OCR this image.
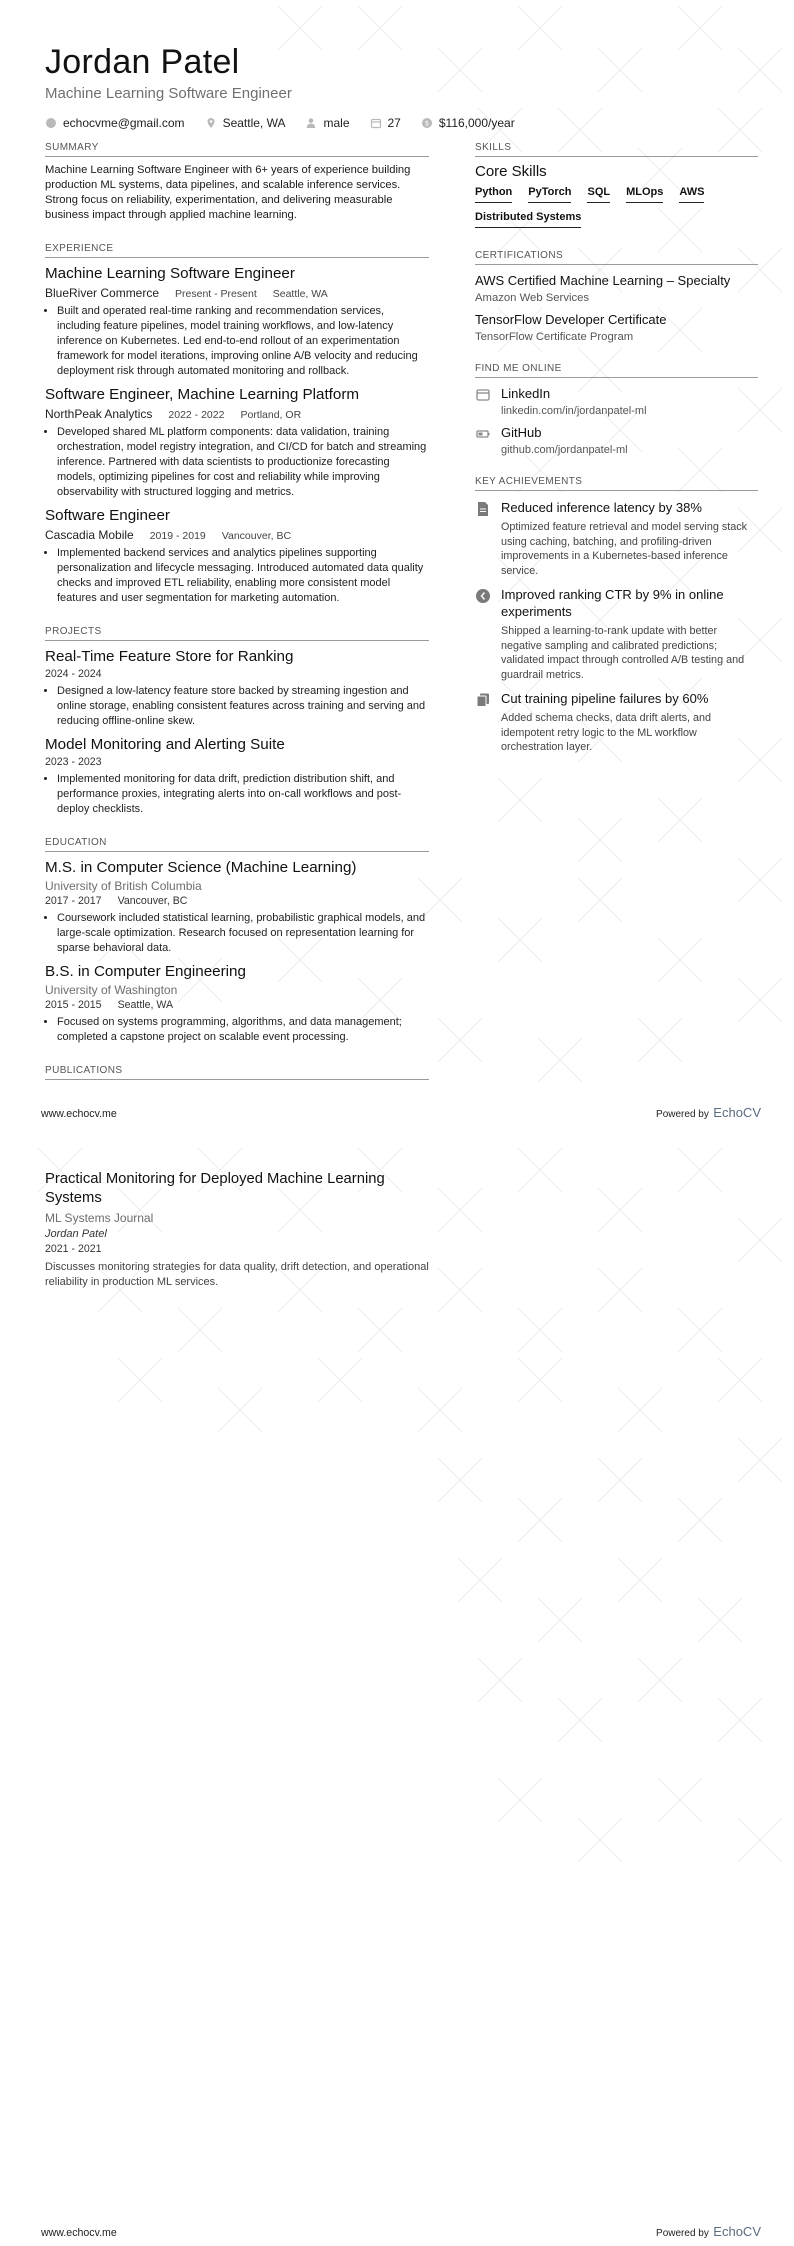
Jordan Patel
Machine Learning Software Engineer
echocvme@gmail.com	Seattle, WA	male	27	$ $116,000/year
SUMMARY
Machine Learning Software Engineer with 6+ years of experience building production ML systems, data pipelines, and scalable inference services. Strong focus on reliability, experimentation, and delivering measurable business impact through applied machine learning.
EXPERIENCE
Machine Learning Software Engineer
BlueRiver Commerce Present - Present Seattle, WA
• Built and operated real-time ranking and recommendation services, including feature pipelines, model training workflows, and low-latency inference on Kubernetes. Led end-to-end rollout of an experimentation framework for model iterations, improving online A/B velocity and reducing deployment risk through automated monitoring and rollback.
Software Engineer, Machine Learning Platform
NorthPeak Analytics 2022 - 2022 Portland, OR
• Developed shared ML platform components: data validation, training orchestration, model registry integration, and CI/CD for batch and streaming inference. Partnered with data scientists to productionize forecasting models, optimizing pipelines for cost and reliability while improving observability with structured logging and metrics.
Software Engineer
Cascadia Mobile 2019 - 2019 Vancouver, BC
• Implemented backend services and analytics pipelines supporting personalization and lifecycle messaging. Introduced automated data quality checks and improved ETL reliability, enabling more consistent model features and user segmentation for marketing automation.
PROJECTS
Real-Time Feature Store for Ranking
2024 - 2024
• Designed a low-latency feature store backed by streaming ingestion and online storage, enabling consistent features across training and serving and reducing offline-online skew.
Model Monitoring and Alerting Suite
2023 - 2023
• Implemented monitoring for data drift, prediction distribution shift, and performance proxies, integrating alerts into on-call workflows and post-deploy checklists.
EDUCATION
M.S. in Computer Science (Machine Learning)
University of British Columbia
2017 - 2017 Vancouver, BC
• Coursework included statistical learning, probabilistic graphical models, and large-scale optimization. Research focused on representation learning for sparse behavioral data.
B.S. in Computer Engineering
University of Washington
2015 - 2015 Seattle, WA
• Focused on systems programming, algorithms, and data management; completed a capstone project on scalable event processing.
PUBLICATIONS
SKILLS
Core Skills
Python PyTorch SQL MLOps AWS
Distributed Systems
CERTIFICATIONS
AWS Certified Machine Learning – Specialty
Amazon Web Services
TensorFlow Developer Certificate
TensorFlow Certificate Program
FIND ME ONLINE
LinkedIn
linkedin.com/in/jordanpatel-ml
GitHub
github.com/jordanpatel-ml
KEY ACHIEVEMENTS
Reduced inference latency by 38%
Optimized feature retrieval and model serving stack using caching, batching, and profiling-driven improvements in a Kubernetes-based inference service.
Improved ranking CTR by 9% in online experiments
Shipped a learning-to-rank update with better negative sampling and calibrated predictions; validated impact through controlled A/B testing and guardrail metrics.
Cut training pipeline failures by 60%
Added schema checks, data drift alerts, and idempotent retry logic to the ML workflow orchestration layer.
www.echocv.me	Powered by EchoCV
Practical Monitoring for Deployed Machine Learning Systems
ML Systems Journal
Jordan Patel
2021 - 2021
Discusses monitoring strategies for data quality, drift detection, and operational reliability in production ML services.
www.echocv.me	Powered by EchoCV
